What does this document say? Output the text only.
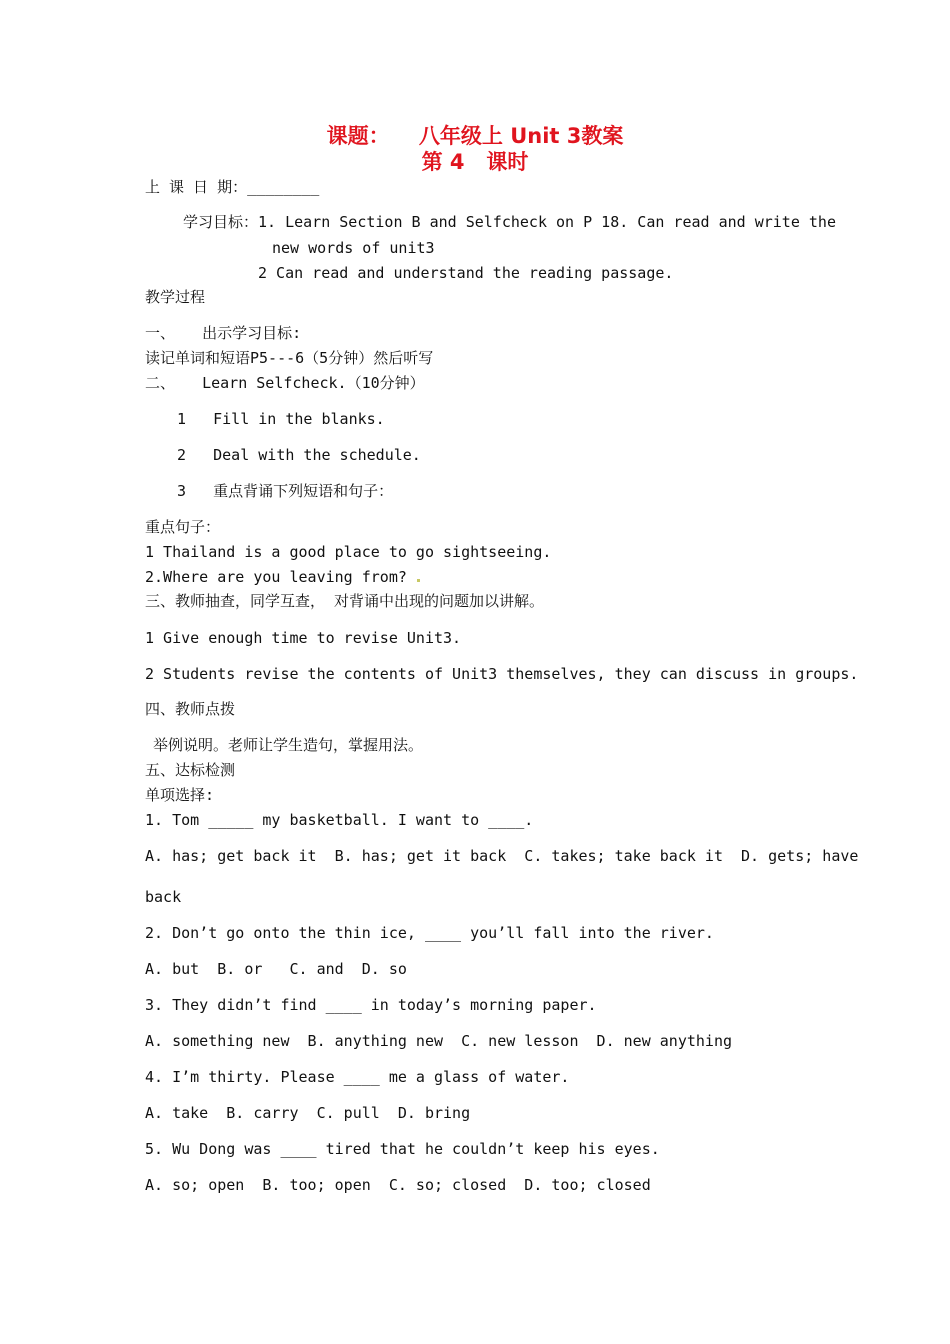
课题：    八年级上 Unit 3教案
第 4   课时
上 课 日 期：________
学习目标：1. Learn Section B and Selfcheck on P 18. Can read and write the
new words of unit3
2 Can read and understand the reading passage.
教学过程
一、   出示学习目标:
读记单词和短语P5---6（5分钟）然后听写
二、   Learn Selfcheck.（10分钟）
1   Fill in the blanks.
2   Deal with the schedule.
3   重点背诵下列短语和句子：
重点句子：
1 Thailand is a good place to go sightseeing.
2.Where are you leaving from?
三、教师抽查，同学互查， 对背诵中出现的问题加以讲解。
1 Give enough time to revise Unit3.
2 Students revise the contents of Unit3 themselves, they can discuss in groups.
四、教师点拨
举例说明。老师让学生造句，掌握用法。
五、达标检测
单项选择:
1. Tom _____ my basketball. I want to ____.
A. has; get back it  B. has; get it back  C. takes; take back it  D. gets; have
back
2. Don’t go onto the thin ice, ____ you’ll fall into the river.
A. but  B. or   C. and  D. so
3. They didn’t find ____ in today’s morning paper.
A. something new  B. anything new  C. new lesson  D. new anything
4. I’m thirty. Please ____ me a glass of water.
A. take  B. carry  C. pull  D. bring
5. Wu Dong was ____ tired that he couldn’t keep his eyes.
A. so; open  B. too; open  C. so; closed  D. too; closed
